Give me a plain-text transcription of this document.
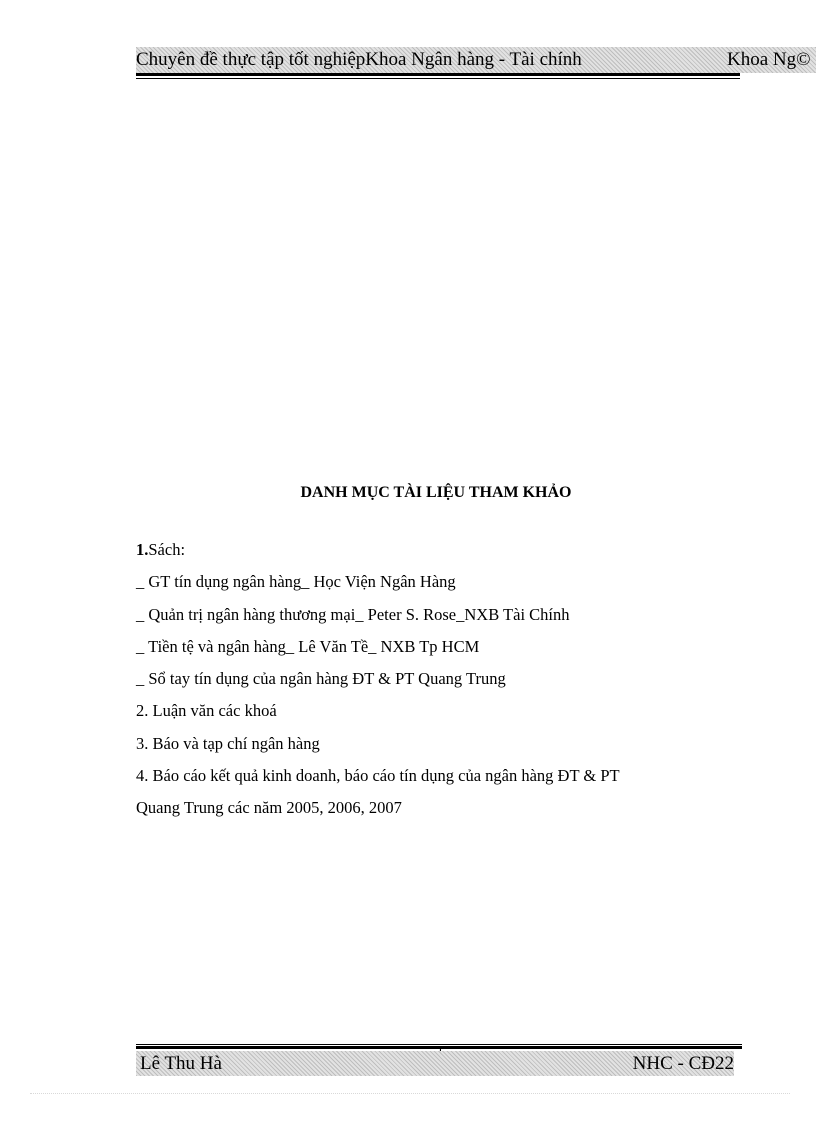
Chuyên đề thực tập tốt nghiệpKhoa Ngân hàng - Tài chính	Khoa Ng©
DANH MỤC TÀI LIỆU THAM KHẢO
1.Sách:
_ GT tín dụng ngân hàng_ Học Viện Ngân Hàng
_ Quản trị ngân hàng thương mại_ Peter S. Rose_NXB Tài Chính
_ Tiền tệ và ngân hàng_ Lê Văn Tề_ NXB Tp HCM
_ Sổ tay tín dụng của ngân hàng ĐT & PT Quang Trung
2. Luận văn các khoá
3. Báo và tạp chí ngân hàng
4. Báo cáo kết quả kinh doanh, báo cáo tín dụng của ngân hàng ĐT & PT
Quang Trung các năm 2005, 2006, 2007
Lê Thu Hà	NHC - CĐ22
